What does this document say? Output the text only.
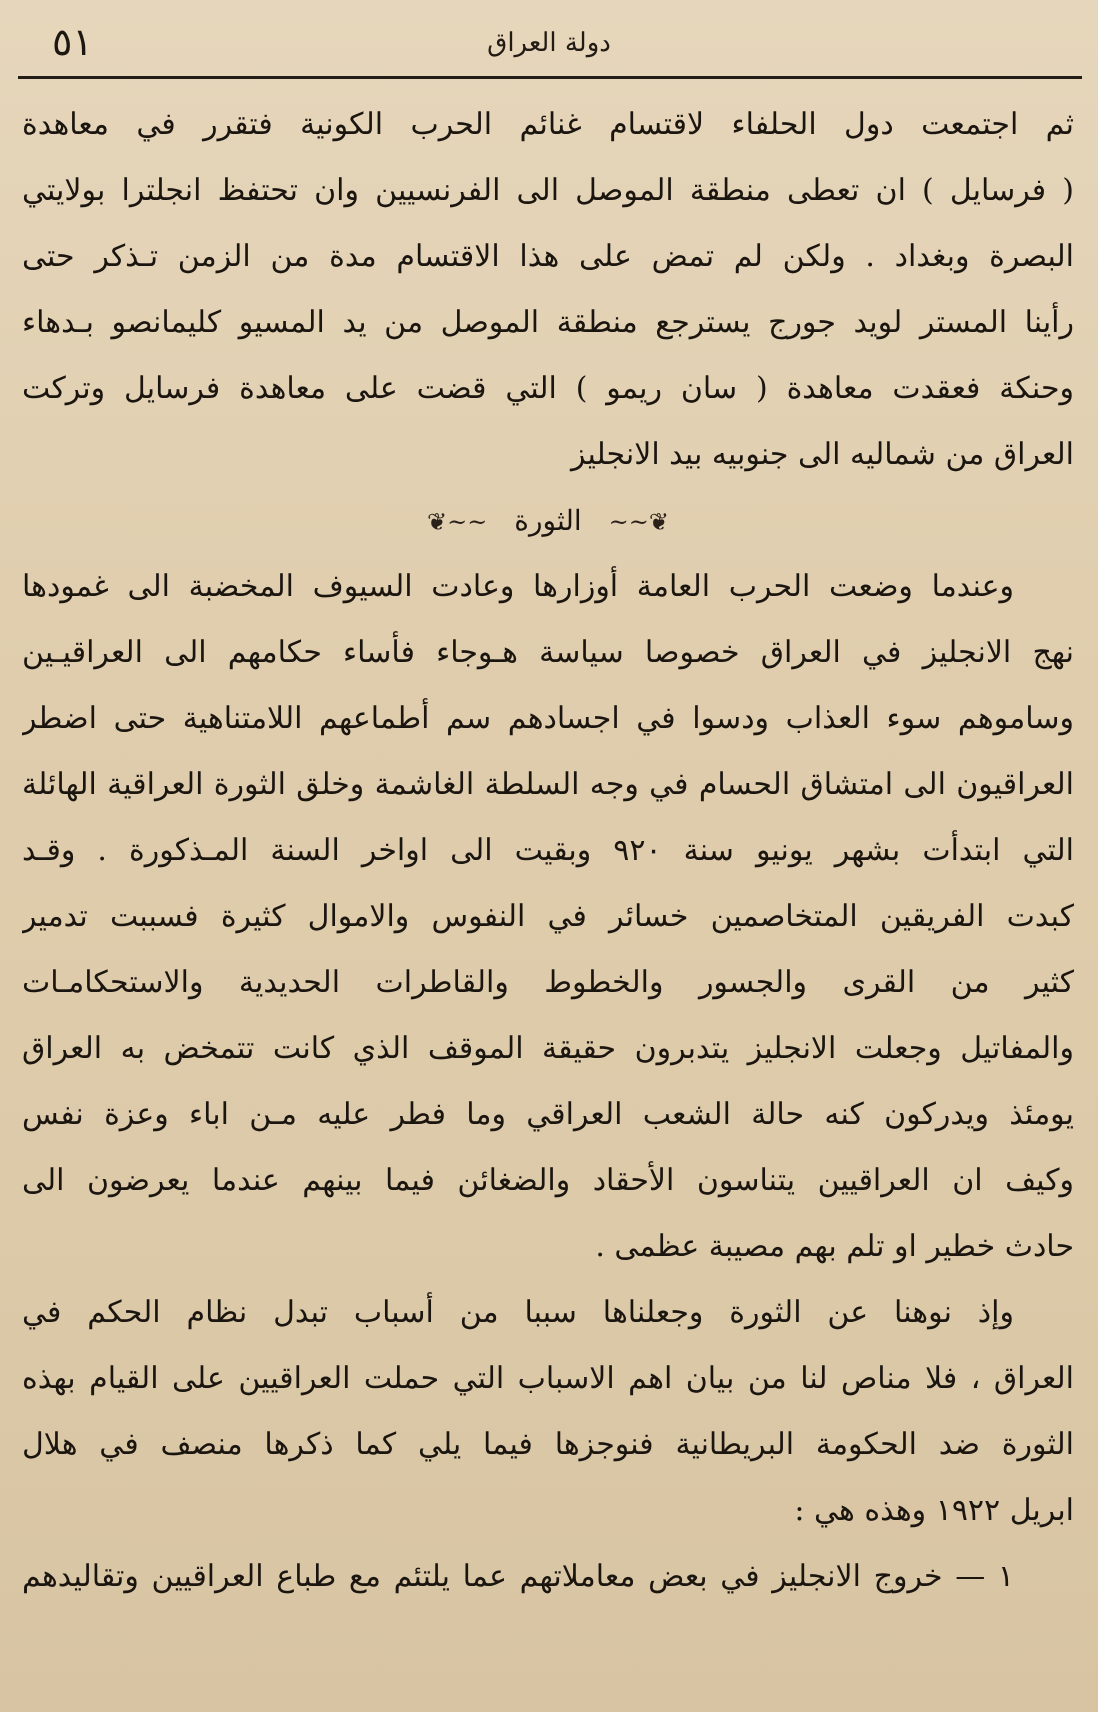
٥١	دولة العراق
ثم اجتمعت دول الحلفاء لاقتسام غنائم الحرب الكونية فتقرر في معاهدة
( فرسايل ) ان تعطى منطقة الموصل الى الفرنسيين وان تحتفظ انجلترا بولايتي
البصرة وبغداد . ولكن لم تمض على هذا الاقتسام مدة من الزمن تـذكر حتى
رأينا المستر لويد جورج يسترجع منطقة الموصل من يد المسيو كليمانصو بـدهاء
وحنكة فعقدت معاهدة ( سان ريمو ) التي قضت على معاهدة فرسايل وتركت
العراق من شماليه الى جنوبيه بيد الانجليز
❦~~ الثورة ~~❦
وعندما وضعت الحرب العامة أوزارها وعادت السيوف المخضبة الى غمودها
نهج الانجليز في العراق خصوصا سياسة هـوجاء فأساء حكامهم الى العراقيـين
وساموهم سوء العذاب ودسوا في اجسادهم سم أطماعهم اللامتناهية حتى اضطر
العراقيون الى امتشاق الحسام في وجه السلطة الغاشمة وخلق الثورة العراقية الهائلة
التي ابتدأت بشهر يونيو سنة ٩٢٠ وبقيت الى اواخر السنة المـذكورة . وقـد
كبدت الفريقين المتخاصمين خسائر في النفوس والاموال كثيرة فسببت تدمير
كثير من القرى والجسور والخطوط والقاطرات الحديدية والاستحكامـات
والمفاتيل وجعلت الانجليز يتدبرون حقيقة الموقف الذي كانت تتمخض به العراق
يومئذ ويدركون كنه حالة الشعب العراقي وما فطر عليه مـن اباء وعزة نفس
وكيف ان العراقيين يتناسون الأحقاد والضغائن فيما بينهم عندما يعرضون الى
حادث خطير او تلم بهم مصيبة عظمى .
وإذ نوهنا عن الثورة وجعلناها سببا من أسباب تبدل نظام الحكم في
العراق ، فلا مناص لنا من بيان اهم الاسباب التي حملت العراقيين على القيام بهذه
الثورة ضد الحكومة البريطانية فنوجزها فيما يلي كما ذكرها منصف في هلال
ابريل ١٩٢٢ وهذه هي :
١ — خروج الانجليز في بعض معاملاتهم عما يلتئم مع طباع العراقيين وتقاليدهم
